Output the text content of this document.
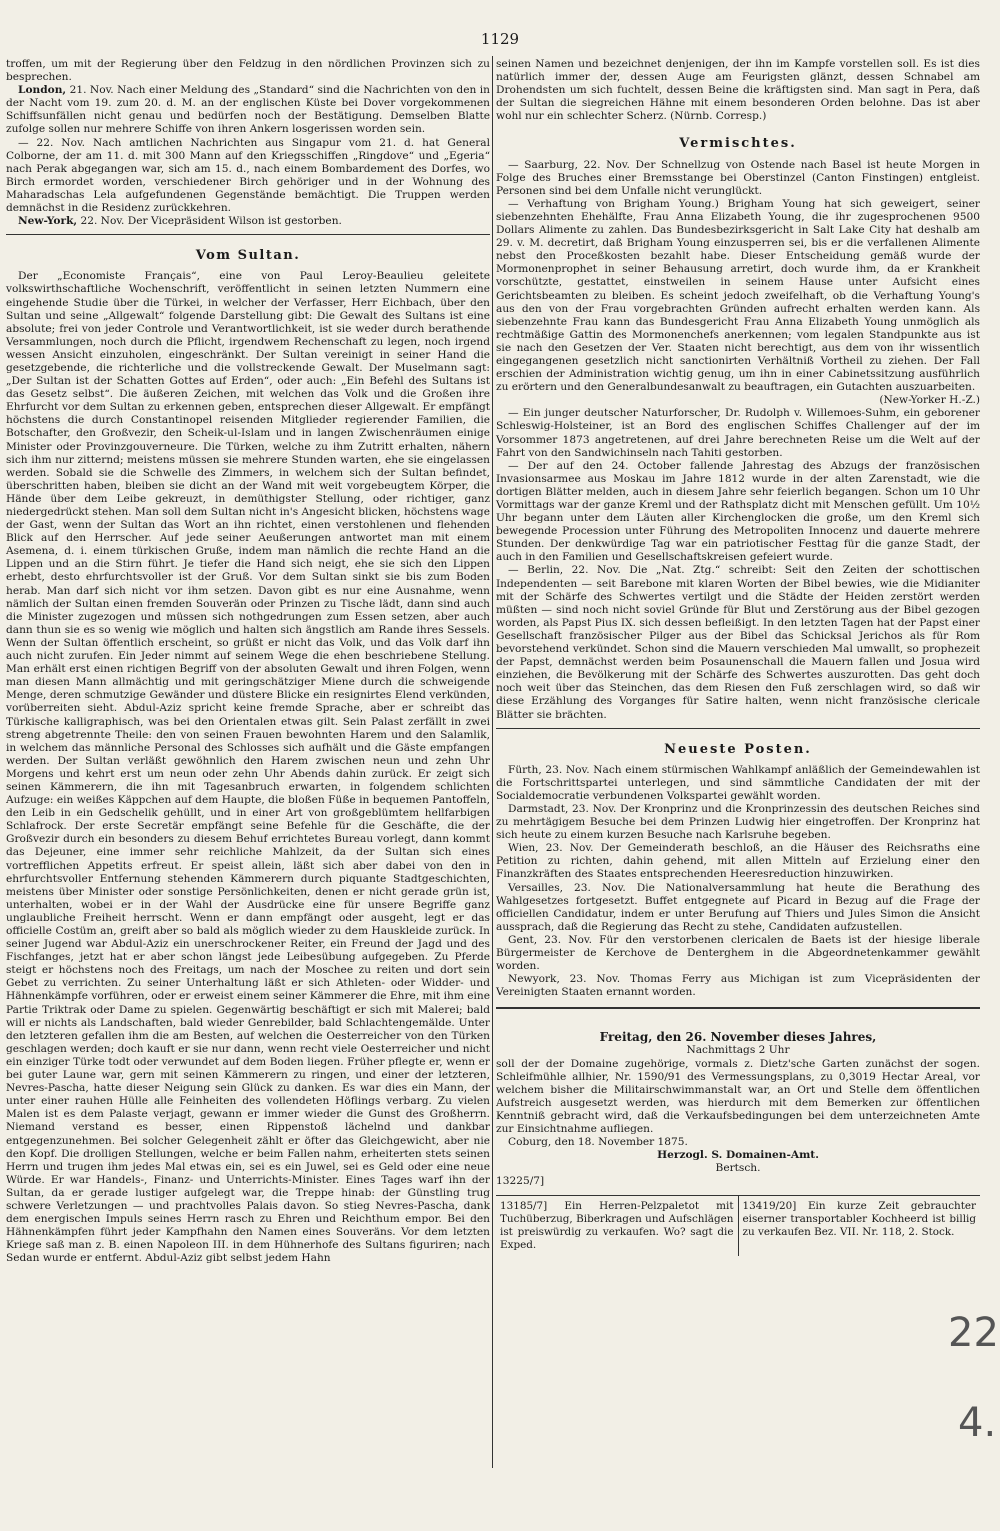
1129

troffen, um mit der Regierung über den Feldzug in den nördlichen Provinzen sich zu besprechen.

London, 21. Nov. Nach einer Meldung des „Standard“ sind die Nachrichten von den in der Nacht vom 19. zum 20. d. M. an der englischen Küste bei Dover vorgekommenen Schiffsunfällen nicht genau und bedürfen noch der Bestätigung. Demselben Blatte zufolge sollen nur mehrere Schiffe von ihren Ankern losgerissen worden sein.

— 22. Nov. Nach amtlichen Nachrichten aus Singapur vom 21. d. hat General Colborne, der am 11. d. mit 300 Mann auf den Kriegsschiffen „Ringdove“ und „Egeria“ nach Perak abgegangen war, sich am 15. d., nach einem Bombardement des Dorfes, wo Birch ermordet worden, verschiedener Birch gehöriger und in der Wohnung des Maharadschas Lela aufgefundenen Gegenstände bemächtigt. Die Truppen werden demnächst in die Residenz zurückkehren.

New-York, 22. Nov. Der Vicepräsident Wilson ist gestorben.

Vom Sultan.

Der „Economiste Français“, eine von Paul Leroy-Beaulieu geleitete volkswirthschaftliche Wochenschrift, veröffentlicht in seinen letzten Nummern eine eingehende Studie über die Türkei, in welcher der Verfasser, Herr Eichbach, über den Sultan und seine „Allgewalt“ folgende Darstellung gibt: Die Gewalt des Sultans ist eine absolute; frei von jeder Controle und Verantwortlichkeit, ist sie weder durch berathende Versammlungen, noch durch die Pflicht, irgendwem Rechenschaft zu legen, noch irgend wessen Ansicht einzuholen, eingeschränkt. Der Sultan vereinigt in seiner Hand die gesetzgebende, die richterliche und die vollstreckende Gewalt. Der Muselmann sagt: „Der Sultan ist der Schatten Gottes auf Erden“, oder auch: „Ein Befehl des Sultans ist das Gesetz selbst“. Die äußeren Zeichen, mit welchen das Volk und die Großen ihre Ehrfurcht vor dem Sultan zu erkennen geben, entsprechen dieser Allgewalt. Er empfängt höchstens die durch Constantinopel reisenden Mitglieder regierender Familien, die Botschafter, den Großvezir, den Scheik-ul-Islam und in langen Zwischenräumen einige Minister oder Provinzgouverneure. Die Türken, welche zu ihm Zutritt erhalten, nähern sich ihm nur zitternd; meistens müssen sie mehrere Stunden warten, ehe sie eingelassen werden. Sobald sie die Schwelle des Zimmers, in welchem sich der Sultan befindet, überschritten haben, bleiben sie dicht an der Wand mit weit vorgebeugtem Körper, die Hände über dem Leibe gekreuzt, in demüthigster Stellung, oder richtiger, ganz niedergedrückt stehen. Man soll dem Sultan nicht in's Angesicht blicken, höchstens wage der Gast, wenn der Sultan das Wort an ihn richtet, einen verstohlenen und flehenden Blick auf den Herrscher. Auf jede seiner Aeußerungen antwortet man mit einem Asemena, d. i. einem türkischen Gruße, indem man nämlich die rechte Hand an die Lippen und an die Stirn führt. Je tiefer die Hand sich neigt, ehe sie sich den Lippen erhebt, desto ehrfurchtsvoller ist der Gruß. Vor dem Sultan sinkt sie bis zum Boden herab. Man darf sich nicht vor ihm setzen. Davon gibt es nur eine Ausnahme, wenn nämlich der Sultan einen fremden Souverän oder Prinzen zu Tische lädt, dann sind auch die Minister zugezogen und müssen sich nothgedrungen zum Essen setzen, aber auch dann thun sie es so wenig wie möglich und halten sich ängstlich am Rande ihres Sessels. Wenn der Sultan öffentlich erscheint, so grüßt er nicht das Volk, und das Volk darf ihn auch nicht zurufen. Ein Jeder nimmt auf seinem Wege die ehen beschriebene Stellung. Man erhält erst einen richtigen Begriff von der absoluten Gewalt und ihren Folgen, wenn man diesen Mann allmächtig und mit geringschätziger Miene durch die schweigende Menge, deren schmutzige Gewänder und düstere Blicke ein resignirtes Elend verkünden, vorüberreiten sieht. Abdul-Aziz spricht keine fremde Sprache, aber er schreibt das Türkische kalligraphisch, was bei den Orientalen etwas gilt. Sein Palast zerfällt in zwei streng abgetrennte Theile: den von seinen Frauen bewohnten Harem und den Salamlik, in welchem das männliche Personal des Schlosses sich aufhält und die Gäste empfangen werden. Der Sultan verläßt gewöhnlich den Harem zwischen neun und zehn Uhr Morgens und kehrt erst um neun oder zehn Uhr Abends dahin zurück. Er zeigt sich seinen Kämmerern, die ihn mit Tagesanbruch erwarten, in folgendem schlichten Aufzuge: ein weißes Käppchen auf dem Haupte, die bloßen Füße in bequemen Pantoffeln, den Leib in ein Gedschelik gehüllt, und in einer Art von großgeblümtem hellfarbigen Schlafrock. Der erste Secretär empfängt seine Befehle für die Geschäfte, die der Großvezir durch ein besonders zu diesem Behuf errichtetes Bureau vorlegt, dann kommt das Dejeuner, eine immer sehr reichliche Mahlzeit, da der Sultan sich eines vortrefflichen Appetits erfreut. Er speist allein, läßt sich aber dabei von den in ehrfurchtsvoller Entfernung stehenden Kämmerern durch piquante Stadtgeschichten, meistens über Minister oder sonstige Persönlichkeiten, denen er nicht gerade grün ist, unterhalten, wobei er in der Wahl der Ausdrücke eine für unsere Begriffe ganz unglaubliche Freiheit herrscht. Wenn er dann empfängt oder ausgeht, legt er das officielle Costüm an, greift aber so bald als möglich wieder zu dem Hauskleide zurück. In seiner Jugend war Abdul-Aziz ein unerschrockener Reiter, ein Freund der Jagd und des Fischfanges, jetzt hat er aber schon längst jede Leibesübung aufgegeben. Zu Pferde steigt er höchstens noch des Freitags, um nach der Moschee zu reiten und dort sein Gebet zu verrichten. Zu seiner Unterhaltung läßt er sich Athleten- oder Widder- und Hähnenkämpfe vorführen, oder er erweist einem seiner Kämmerer die Ehre, mit ihm eine Partie Triktrak oder Dame zu spielen. Gegenwärtig beschäftigt er sich mit Malerei; bald will er nichts als Landschaften, bald wieder Genrebilder, bald Schlachtengemälde. Unter den letzteren gefallen ihm die am Besten, auf welchen die Oesterreicher von den Türken geschlagen werden; doch kauft er sie nur dann, wenn recht viele Oesterreicher und nicht ein einziger Türke todt oder verwundet auf dem Boden liegen. Früher pflegte er, wenn er bei guter Laune war, gern mit seinen Kämmerern zu ringen, und einer der letzteren, Nevres-Pascha, hatte dieser Neigung sein Glück zu danken. Es war dies ein Mann, der unter einer rauhen Hülle alle Feinheiten des vollendeten Höflings verbarg. Zu vielen Malen ist es dem Palaste verjagt, gewann er immer wieder die Gunst des Großherrn. Niemand verstand es besser, einen Rippenstoß lächelnd und dankbar entgegenzunehmen. Bei solcher Gelegenheit zählt er öfter das Gleichgewicht, aber nie den Kopf. Die drolligen Stellungen, welche er beim Fallen nahm, erheiterten stets seinen Herrn und trugen ihm jedes Mal etwas ein, sei es ein Juwel, sei es Geld oder eine neue Würde. Er war Handels-, Finanz- und Unterrichts-Minister. Eines Tages warf ihn der Sultan, da er gerade lustiger aufgelegt war, die Treppe hinab: der Günstling trug schwere Verletzungen — und prachtvolles Palais davon. So stieg Nevres-Pascha, dank dem energischen Impuls seines Herrn rasch zu Ehren und Reichthum empor. Bei den Hähnenkämpfen führt jeder Kampfhahn den Namen eines Souveräns. Vor dem letzten Kriege saß man z. B. einen Napoleon III. in dem Hühnerhofe des Sultans figuriren; nach Sedan wurde er entfernt. Abdul-Aziz gibt selbst jedem Hahn

seinen Namen und bezeichnet denjenigen, der ihn im Kampfe vorstellen soll. Es ist dies natürlich immer der, dessen Auge am Feurigsten glänzt, dessen Schnabel am Drohendsten um sich fuchtelt, dessen Beine die kräftigsten sind. Man sagt in Pera, daß der Sultan die siegreichen Hähne mit einem besonderen Orden belohne. Das ist aber wohl nur ein schlechter Scherz. (Nürnb. Corresp.)

Vermischtes.

— Saarburg, 22. Nov. Der Schnellzug von Ostende nach Basel ist heute Morgen in Folge des Bruches einer Bremsstange bei Oberstinzel (Canton Finstingen) entgleist. Personen sind bei dem Unfalle nicht verunglückt.

— Verhaftung von Brigham Young.) Brigham Young hat sich geweigert, seiner siebenzehnten Ehehälfte, Frau Anna Elizabeth Young, die ihr zugesprochenen 9500 Dollars Alimente zu zahlen. Das Bundesbezirksgericht in Salt Lake City hat deshalb am 29. v. M. decretirt, daß Brigham Young einzusperren sei, bis er die verfallenen Alimente nebst den Proceßkosten bezahlt habe. Dieser Entscheidung gemäß wurde der Mormonenprophet in seiner Behausung arretirt, doch wurde ihm, da er Krankheit vorschützte, gestattet, einstweilen in seinem Hause unter Aufsicht eines Gerichtsbeamten zu bleiben. Es scheint jedoch zweifelhaft, ob die Verhaftung Young's aus den von der Frau vorgebrachten Gründen aufrecht erhalten werden kann. Als siebenzehnte Frau kann das Bundesgericht Frau Anna Elizabeth Young unmöglich als rechtmäßige Gattin des Mormonenchefs anerkennen; vom legalen Standpunkte aus ist sie nach den Gesetzen der Ver. Staaten nicht berechtigt, aus dem von ihr wissentlich eingegangenen gesetzlich nicht sanctionirten Verhältniß Vortheil zu ziehen. Der Fall erschien der Administration wichtig genug, um ihn in einer Cabinetssitzung ausführlich zu erörtern und den Generalbundesanwalt zu beauftragen, ein Gutachten auszuarbeiten.

(New-Yorker H.-Z.)

— Ein junger deutscher Naturforscher, Dr. Rudolph v. Willemoes-Suhm, ein geborener Schleswig-Holsteiner, ist an Bord des englischen Schiffes Challenger auf der im Vorsommer 1873 angetretenen, auf drei Jahre berechneten Reise um die Welt auf der Fahrt von den Sandwichinseln nach Tahiti gestorben.

— Der auf den 24. October fallende Jahrestag des Abzugs der französischen Invasionsarmee aus Moskau im Jahre 1812 wurde in der alten Zarenstadt, wie die dortigen Blätter melden, auch in diesem Jahre sehr feierlich begangen. Schon um 10 Uhr Vormittags war der ganze Kreml und der Rathsplatz dicht mit Menschen gefüllt. Um 10½ Uhr begann unter dem Läuten aller Kirchenglocken die große, um den Kreml sich bewegende Procession unter Führung des Metropoliten Innocenz und dauerte mehrere Stunden. Der denkwürdige Tag war ein patriotischer Festtag für die ganze Stadt, der auch in den Familien und Gesellschaftskreisen gefeiert wurde.

— Berlin, 22. Nov. Die „Nat. Ztg.“ schreibt: Seit den Zeiten der schottischen Independenten — seit Barebone mit klaren Worten der Bibel bewies, wie die Midianiter mit der Schärfe des Schwertes vertilgt und die Städte der Heiden zerstört werden müßten — sind noch nicht soviel Gründe für Blut und Zerstörung aus der Bibel gezogen worden, als Papst Pius IX. sich dessen befleißigt. In den letzten Tagen hat der Papst einer Gesellschaft französischer Pilger aus der Bibel das Schicksal Jerichos als für Rom bevorstehend verkündet. Schon sind die Mauern verschieden Mal umwallt, so prophezeit der Papst, demnächst werden beim Posaunenschall die Mauern fallen und Josua wird einziehen, die Bevölkerung mit der Schärfe des Schwertes auszurotten. Das geht doch noch weit über das Steinchen, das dem Riesen den Fuß zerschlagen wird, so daß wir diese Erzählung des Vorganges für Satire halten, wenn nicht französische clericale Blätter sie brächten.

Neueste Posten.

Fürth, 23. Nov. Nach einem stürmischen Wahlkampf anläßlich der Gemeindewahlen ist die Fortschrittspartei unterlegen, und sind sämmtliche Candidaten der mit der Socialdemocratie verbundenen Volkspartei gewählt worden.

Darmstadt, 23. Nov. Der Kronprinz und die Kronprinzessin des deutschen Reiches sind zu mehrtägigem Besuche bei dem Prinzen Ludwig hier eingetroffen. Der Kronprinz hat sich heute zu einem kurzen Besuche nach Karlsruhe begeben.

Wien, 23. Nov. Der Gemeinderath beschloß, an die Häuser des Reichsraths eine Petition zu richten, dahin gehend, mit allen Mitteln auf Erzielung einer den Finanzkräften des Staates entsprechenden Heeresreduction hinzuwirken.

Versailles, 23. Nov. Die Nationalversammlung hat heute die Berathung des Wahlgesetzes fortgesetzt. Buffet entgegnete auf Picard in Bezug auf die Frage der officiellen Candidatur, indem er unter Berufung auf Thiers und Jules Simon die Ansicht aussprach, daß die Regierung das Recht zu stehe, Candidaten aufzustellen.

Gent, 23. Nov. Für den verstorbenen clericalen de Baets ist der hiesige liberale Bürgermeister de Kerchove de Denterghem in die Abgeordnetenkammer gewählt worden.

Newyork, 23. Nov. Thomas Ferry aus Michigan ist zum Vicepräsidenten der Vereinigten Staaten ernannt worden.

Freitag, den 26. November dieses Jahres,
Nachmittags 2 Uhr

soll der der Domaine zugehörige, vormals z. Dietz'sche Garten zunächst der sogen. Schleifmühle allhier, Nr. 1590/91 des Vermessungsplans, zu 0,3019 Hectar Areal, vor welchem bisher die Militairschwimmanstalt war, an Ort und Stelle dem öffentlichen Aufstreich ausgesetzt werden, was hierdurch mit dem Bemerken zur öffentlichen Kenntniß gebracht wird, daß die Verkaufsbedingungen bei dem unterzeichneten Amte zur Einsichtnahme aufliegen.

Coburg, den 18. November 1875.

Herzogl. S. Domainen-Amt.
Bertsch.
13225/7]
13185/7] Ein Herren-Pelzpaletot mit Tuchüberzug, Biberkragen und Aufschlägen ist preiswürdig zu verkaufen. Wo? sagt die Exped.
13419/20] Ein kurze Zeit gebrauchter eiserner transportabler Kochheerd ist billig zu verkaufen Bez. VII. Nr. 118, 2. Stock.
22
4.
